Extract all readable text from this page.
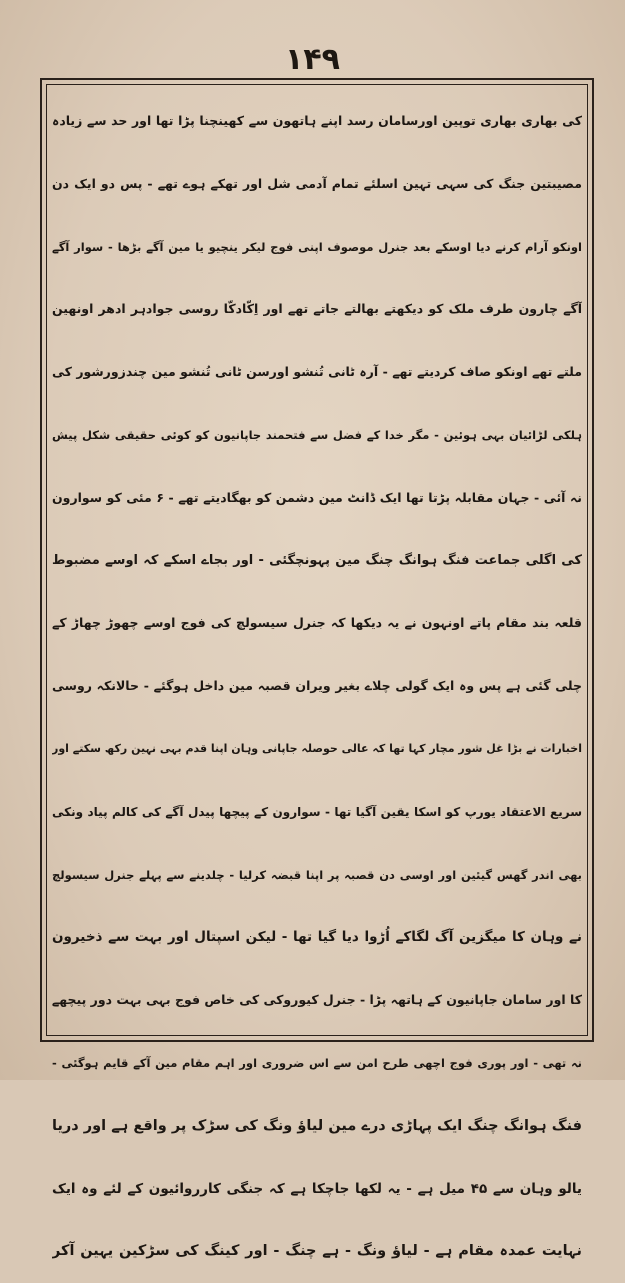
۱۴۹
کی بھاری بھاری توپین اورسامان رسد اپنے ہاتھون سے کھینچنا پڑا تھا اور حد سے زیادہ
مصیبتین جنگ کی سہی تہین اسلئے تمام آدمی شل اور تھکے ہوے تھے - پس دو ایک دن
اونکو آرام کرنے دیا اوسکے بعد جنرل موصوف اپنی فوج لیکر ینچیو یا مین آگے بڑھا - سوار آگے
آگے چارون طرف ملک کو دیکھتے بھالتے جاتے تھے اور اِکّادکّا روسی جوادہر ادھر اونھین
ملتے تھے اونکو صاف کردیتے تھے - آرہ ٹانی تُنشو اورسن ٹانی تُنشو مین چندزورشور کی
ہلکی لڑائیان بہی ہوئین - مگر خدا کے فضل سے فتحمند جاپانیون کو کوئی حقیقی شکل پیش
نہ آئی - جہان مقابلہ پڑتا تھا ایک ڈانٹ مین دشمن کو بھگادیتے تھے - ۶ مئی کو سوارون
کی اگلی جماعت فنگ ہوانگ چنگ مین پہونچگئی - اور بجاے اسکے کہ اوسے مضبوط
قلعہ بند مقام پاتے اونہون نے یہ دیکھا کہ جنرل سیسولچ کی فوج اوسے چھوڑ چھاڑ کے
چلی گئی ہے پس وہ ایک گولی چلاے بغیر ویران قصبہ مین داخل ہوگئے - حالانکہ روسی
اخبارات نے بڑا غل شور مچار کہا تھا کہ عالی حوصلہ جاپانی وہان اپنا قدم بہی نہین رکھ سکتے اور
سریع الاعتقاد یورپ کو اسکا یقین آگیا تھا - سوارون کے پیچھا پیدل آگے کی کالم پیاد ونکی
بھی اندر گھس گیئین اور اوسی دن قصبہ پر اپنا قبضہ کرلیا - چلدینے سے پہلے جنرل سیسولچ
نے وہان کا میگزین آگ لگاکے اُڑوا دیا گیا تھا - لیکن اسپتال اور بہت سے ذخیرون
کا اور سامان جاپانیون کے ہاتھہ پڑا - جنرل کیوروکی کی خاص فوج بہی بہت دور پیچھے
نہ تھی - اور پوری فوج اچھی طرح امن سے اس ضروری اور اہم مقام مین آکے قایم ہوگئی -
فنگ ہوانگ چنگ ایک پہاڑی درے مین لیاؤ ونگ کی سڑک پر واقع ہے اور دریا
یالو وہان سے ۴۵ میل ہے - یہ لکھا جاچکا ہے کہ جنگی کارروائیون کے لئے وہ ایک
نہایت عمدہ مقام ہے - لیاؤ ونگ - ہے چنگ - اور کینگ کی سڑکین یہین آکر
